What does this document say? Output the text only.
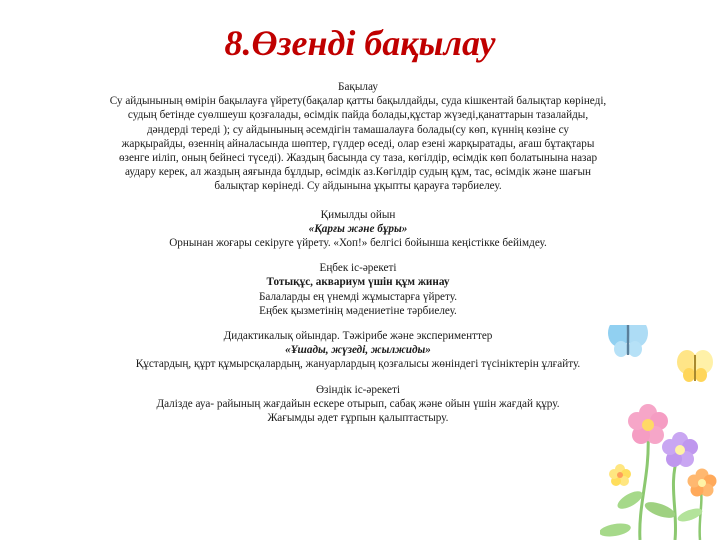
8.Өзенді бақылау

Бақылау

Су айдынының өмірін бақылауға үйрету(бақалар қатты бақылдайды, суда кішкентай балықтар көрінеді,

судың бетінде суөлшеуш қозғалады, өсімдік пайда болады,құстар жүзеді,қанаттарын тазалайды,

дәндерді тереді ); су айдынының әсемдігін тамашалауға болады(су көп, күннің көзіне су

жарқырайды, өзеннің айналасында шөптер, гүлдер өседі, олар езені жарқыратады, ағаш бұтақтары

өзенге иіліп, оның бейнесі түседі). Жаздың басында су таза, көгілдір, өсімдік көп болатынына назар

аудару керек, ал жаздың аяғында бұлдыр, өсімдік аз.Көгілдір судың құм, тас, өсімдік және шағын

балықтар көрінеді. Су айдынына ұқыпты қарауға тәрбиелеу.

Қимылды ойын

«Қарғы және бұры»

Орнынан жоғары секіруге үйрету. «Хоп!» белгісі бойынша кеңістікке бейімдеу.

Еңбек іс-әрекеті

Тотықұс, аквариум үшін құм жинау

Балаларды ең үнемді жұмыстарға үйрету.

Еңбек қызметінің мәдениетіне тәрбиелеу.

Дидактикалық ойындар. Тәжірибе және эксперименттер

«Ұшады, жүзеді, жылжиды»

Құстардың, құрт құмырсқалардың, жануарлардың қозғалысы жөніндегі түсініктерін ұлғайту.

Өзіндік іс-әрекеті

Далізде ауа- райының жағдайын ескере отырып, сабақ және ойын үшін жағдай құру.

Жағымды әдет ғұрпын қалыптастыру.
